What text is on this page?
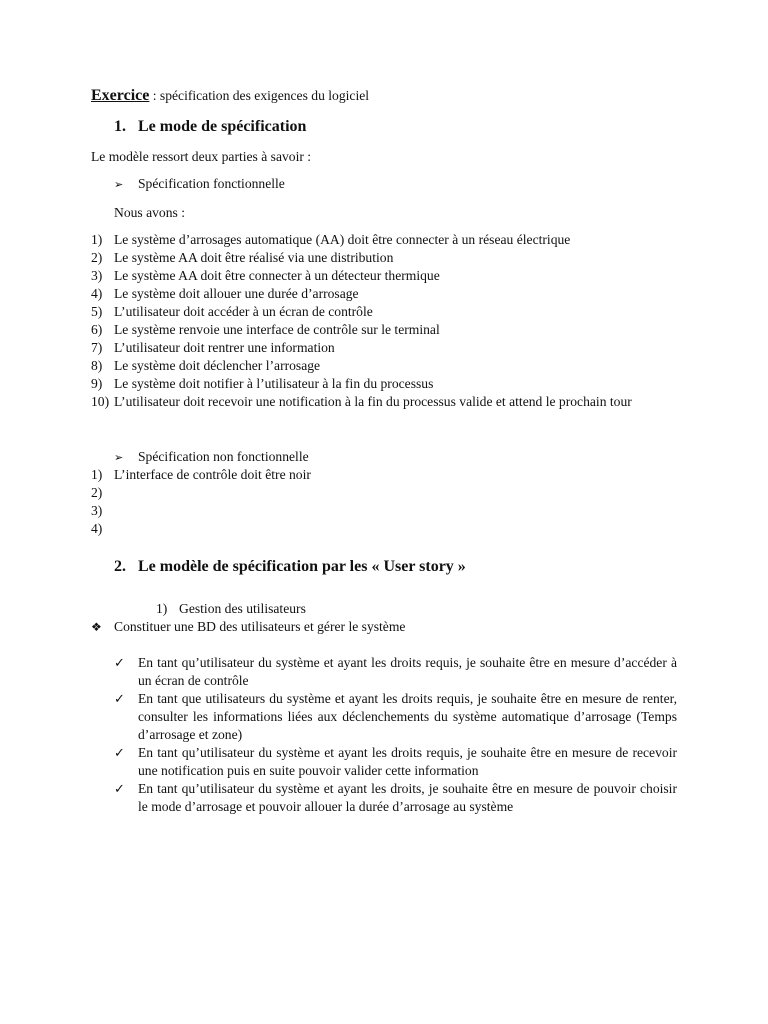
Exercice : spécification des exigences du logiciel
1. Le mode de spécification
Le modèle ressort deux parties à savoir :
➢ Spécification fonctionnelle
Nous avons :
1) Le système d’arrosages automatique (AA) doit être connecter à un réseau électrique
2) Le système AA doit être réalisé via une distribution
3) Le système AA doit être connecter à un détecteur thermique
4) Le système doit allouer une durée d’arrosage
5) L’utilisateur doit accéder à un écran de contrôle
6) Le système renvoie une interface de contrôle sur le terminal
7) L’utilisateur doit rentrer une information
8) Le système doit déclencher l’arrosage
9) Le système doit notifier à l’utilisateur à la fin du processus
10) L’utilisateur doit recevoir une notification à la fin du processus valide et attend le prochain tour
➢ Spécification non fonctionnelle
1) L’interface de contrôle doit être noir
2)

3)

4)

2. Le modèle de spécification par les « User story »
1) Gestion des utilisateurs
❖ Constituer une BD des utilisateurs et gérer le système
✓ En tant qu’utilisateur du système et ayant les droits requis, je souhaite être en mesure d’accéder à un écran de contrôle
✓ En tant que utilisateurs du système et ayant les droits requis, je souhaite être en mesure de renter, consulter les informations liées aux déclenchements du système automatique d’arrosage (Temps d’arrosage et zone)
✓ En tant qu’utilisateur du système et ayant les droits requis, je souhaite être en mesure de recevoir une notification puis en suite pouvoir valider cette information
✓ En tant qu’utilisateur du système et ayant les droits, je souhaite être en mesure de pouvoir choisir le mode d’arrosage et pouvoir allouer la durée d’arrosage au système
